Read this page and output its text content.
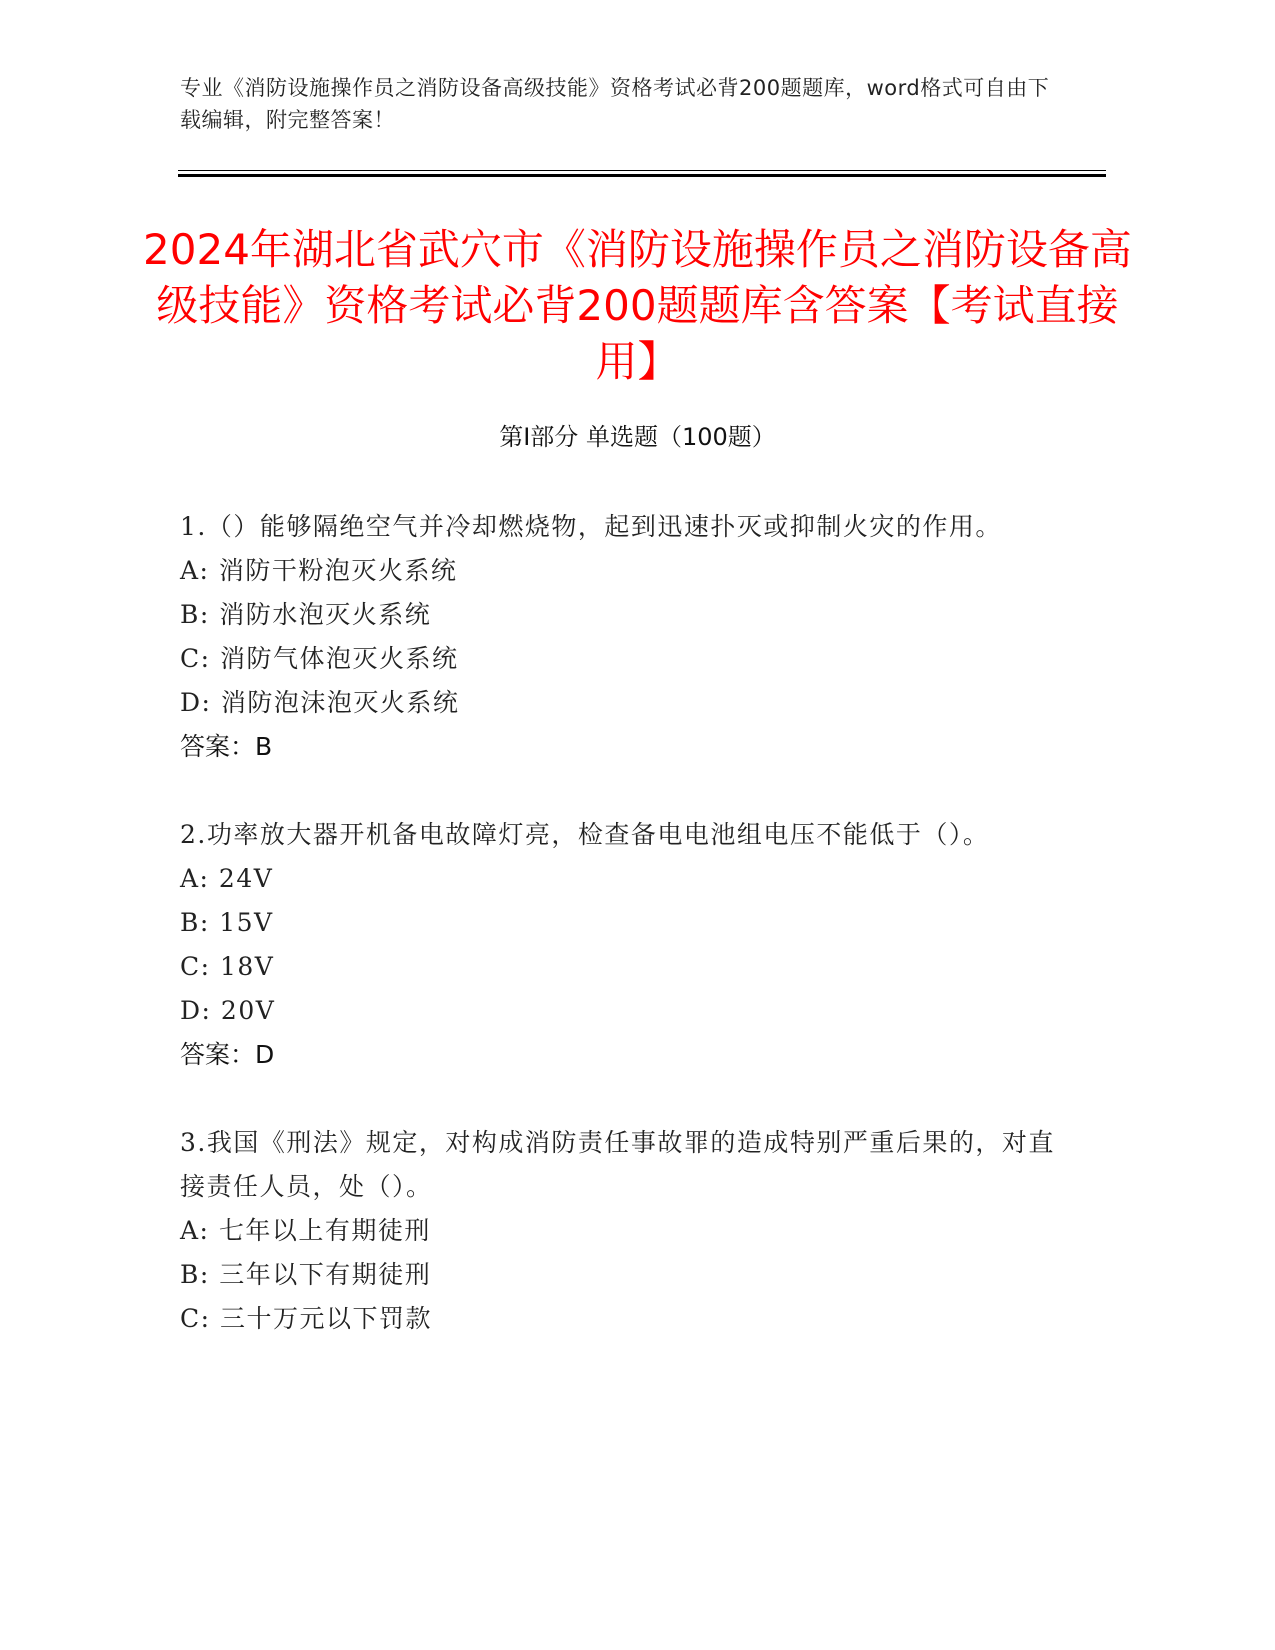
专业《消防设施操作员之消防设备高级技能》资格考试必背200题题库，word格式可自由下载编辑，附完整答案！
2024年湖北省武穴市《消防设施操作员之消防设备高级技能》资格考试必背200题题库含答案【考试直接用】
第I部分 单选题（100题）
1.（）能够隔绝空气并冷却燃烧物，起到迅速扑灭或抑制火灾的作用。
A: 消防干粉泡灭火系统
B: 消防水泡灭火系统
C: 消防气体泡灭火系统
D: 消防泡沫泡灭火系统
答案：B
2.功率放大器开机备电故障灯亮，检查备电电池组电压不能低于（）。
A: 24V
B: 15V
C: 18V
D: 20V
答案：D
3.我国《刑法》规定，对构成消防责任事故罪的造成特别严重后果的，对直接责任人员，处（）。
A: 七年以上有期徒刑
B: 三年以下有期徒刑
C: 三十万元以下罚款
